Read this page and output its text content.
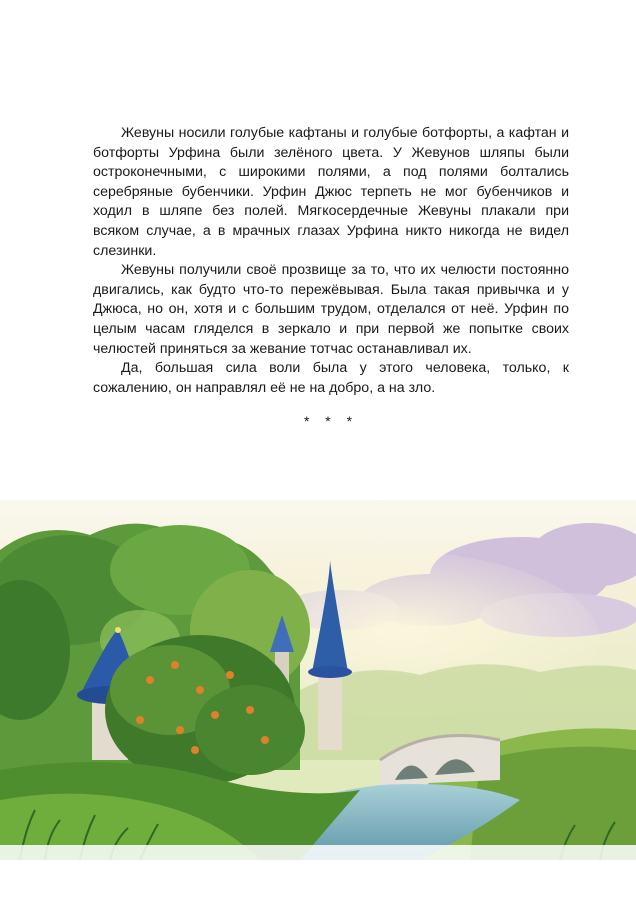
Жевуны носили голубые кафтаны и голубые ботфорты, а кафтан и ботфорты Урфина были зелёного цвета. У Жевунов шляпы были остроконечными, с широкими полями, а под полями болтались серебряные бубенчики. Урфин Джюс терпеть не мог бубенчиков и ходил в шляпе без полей. Мягкосердечные Жевуны плакали при всяком случае, а в мрачных глазах Урфина никто никогда не видел слезинки.

Жевуны получили своё прозвище за то, что их челюсти постоянно двигались, как будто что-то пережёвывая. Была такая привычка и у Джюса, но он, хотя и с большим трудом, отделался от неё. Урфин по целым часам гляделся в зеркало и при первой же попытке своих челюстей приняться за жевание тотчас останавливал их.

Да, большая сила воли была у этого человека, только, к сожалению, он направлял её не на добро, а на зло.

* * *
